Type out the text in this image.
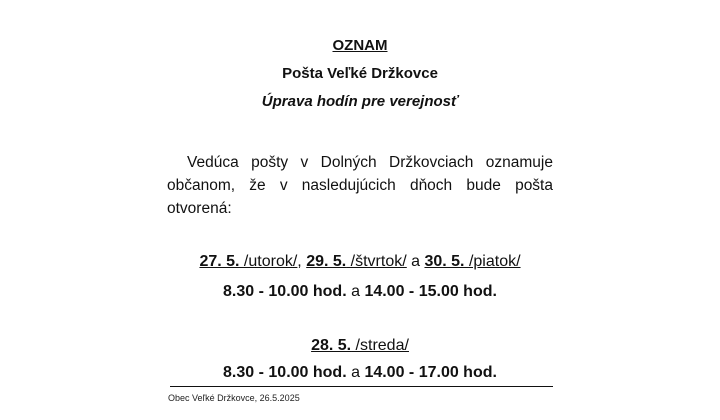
OZNAM
Pošta Veľké Držkovce
Úprava hodín pre verejnosť
Vedúca pošty v Dolných Držkovciach oznamuje občanom, že v nasledujúcich dňoch bude pošta otvorená:
27. 5. /utorok/, 29. 5. /štvrtok/ a 30. 5. /piatok/
8.30 - 10.00 hod. a 14.00 - 15.00 hod.
28. 5. /streda/
8.30 - 10.00 hod. a 14.00 - 17.00 hod.
Obec Veľké Držkovce, 26.5.2025
